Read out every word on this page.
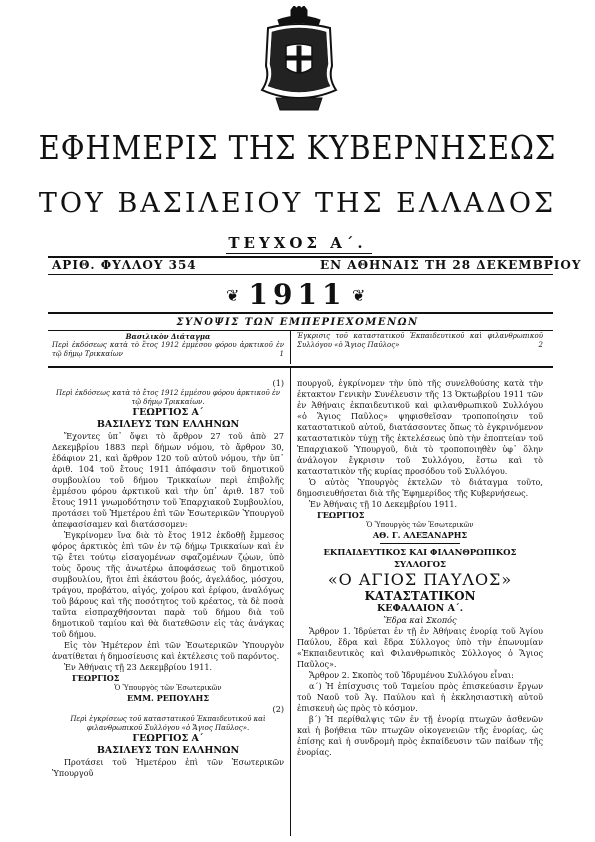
ΕΦΗΜΕΡΙΣ ΤΗΣ ΚΥΒΕΡΝΗΣΕΩΣ
ΤΟΥ ΒΑΣΙΛΕΙΟΥ ΤΗΣ ΕΛΛΑΔΟΣ
ΤΕΥΧΟΣ Α΄.
ΑΡΙΘ. ΦΥΛΛΟΥ 354	ΕΝ ΑΘΗΝΑΙΣ ΤΗ 28 ΔΕΚΕΜΒΡΙΟΥ
❦ 1911 ❦
ΣΥΝΟΨΙΣ ΤΩΝ ΕΜΠΕΡΙΕΧΟΜΕΝΩΝ
Βασιλικὸν Διάταγμα
Περὶ ἐκδόσεως κατὰ τὸ ἔτος 1912 ἐμμέσου φόρου ἀρκτικοῦ ἐν τῷ δήμῳ Τρικκαίων	1
Ἐγκρισις τοῦ καταστατικοῦ Ἐκπαιδευτικοῦ καὶ φιλανθρωπικοῦ Συλλόγου «ὁ Ἅγιος Παῦλος»	2

(1)

Περὶ ἐκδόσεως κατὰ τὸ ἔτος 1912 ἐμμέσου φόρου ἀρκτικοῦ ἐν τῷ δήμῳ Τρικκαίων.

ΓΕΩΡΓΙΟΣ Α΄
ΒΑΣΙΛΕΥΣ ΤΩΝ ΕΛΛΗΝΩΝ

Ἔχοντες ὑπ᾿ ὄψει τὸ ἄρθρον 27 τοῦ ἀπὸ 27 Δεκεμβρίου 1883 περὶ δήμων νόμου, τὸ ἄρθρον 30, ἐδάφιον 21, καὶ ἄρθρον 120 τοῦ αὐτοῦ νόμου, τὴν ὑπ᾿ ἀριθ. 104 τοῦ ἔτους 1911 ἀπόφασιν τοῦ δημοτικοῦ συμβουλίου τοῦ δήμου Τρικκαίων περὶ ἐπιβολῆς ἐμμέσου φόρου ἀρκτικοῦ καὶ τὴν ὑπ᾿ ἀριθ. 187 τοῦ ἔτους 1911 γνωμοδότησιν τοῦ Ἐπαρχιακοῦ Συμβουλίου, προτάσει τοῦ Ἡμετέρου ἐπὶ τῶν Ἐσωτερικῶν Ὑπουργοῦ ἀπεφασίσαμεν καὶ διατάσσομεν:

Ἐγκρίνομεν ἵνα διὰ τὸ ἔτος 1912 ἐκδοθῇ ἔμμεσος φόρος ἀρκτικὸς ἐπὶ τῶν ἐν τῷ δήμῳ Τρικκαίων καὶ ἐν τῷ ἔτει τούτῳ εἰσαγομένων σφαζομένων ζῴων, ὑπὸ τοὺς ὅρους τῆς ἀνωτέρω ἀποφάσεως τοῦ δημοτικοῦ συμβουλίου, ἤτοι ἐπὶ ἑκάστου βοός, ἀγελάδος, μόσχου, τράγου, προβάτου, αἰγός, χοίρου καὶ ἐρίφου, ἀναλόγως τοῦ βάρους καὶ τῆς ποσότητος τοῦ κρέατος, τὰ δὲ ποσὰ ταῦτα εἰσπραχθήσονται παρὰ τοῦ δήμου διὰ τοῦ δημοτικοῦ ταμίου καὶ θὰ διατεθῶσιν εἰς τὰς ἀνάγκας τοῦ δήμου.

Εἰς τὸν Ἡμέτερον ἐπὶ τῶν Ἐσωτερικῶν Ὑπουργὸν ἀνατίθεται ἡ δημοσίευσις καὶ ἐκτέλεσις τοῦ παρόντος.

Ἐν Ἀθήναις τῇ 23 Δεκεμβρίου 1911.

ΓΕΩΡΓΙΟΣ

Ὁ Ὑπουργὸς τῶν Ἐσωτερικῶν

ΕΜΜ. ΡΕΠΟΥΛΗΣ

(2)

Περὶ ἐγκρίσεως τοῦ καταστατικοῦ Ἐκπαιδευτικοῦ καὶ φιλανθρωπικοῦ Συλλόγου «ὁ Ἅγιος Παῦλος».

ΓΕΩΡΓΙΟΣ Α΄
ΒΑΣΙΛΕΥΣ ΤΩΝ ΕΛΛΗΝΩΝ

Προτάσει τοῦ Ἡμετέρου ἐπὶ τῶν Ἐσωτερικῶν Ὑπουργοῦ

πουργοῦ, ἐγκρίνομεν τὴν ὑπὸ τῆς συνελθούσης κατὰ τὴν ἐκτακτον Γενικὴν Συνέλευσιν τῆς 13 Ὀκτωβρίου 1911 τῶν ἐν Ἀθήναις ἐκπαιδευτικοῦ καὶ φιλανθρωπικοῦ Συλλόγου «ὁ Ἅγιος Παῦλος» ψηφισθεῖσαν τροποποίησιν τοῦ καταστατικοῦ αὐτοῦ, διατάσσοντες ὅπως τὸ ἐγκρινόμενον καταστατικὸν τύχῃ τῆς ἐκτελέσεως ὑπὸ τὴν ἐποπτείαν τοῦ Ἐπαρχιακοῦ Ὑπουργοῦ, διὰ τὸ τροποποιηθὲν ὑφ᾿ ὅλην ἀνάλογον ἔγκρισιν τοῦ Συλλόγου, ἔστω καὶ τὸ καταστατικὸν τῆς κυρίας προσόδου τοῦ Συλλόγου.

Ὁ αὐτὸς Ὑπουργὸς ἐκτελῶν τὸ διάταγμα τοῦτο, δημοσιευθήσεται διὰ τῆς Ἐφημερίδος τῆς Κυβερνήσεως.

Ἐν Ἀθήναις τῇ 10 Δεκεμβρίου 1911.

ΓΕΩΡΓΙΟΣ

Ὁ Ὑπουργὸς τῶν Ἐσωτερικῶν

ΑΘ. Γ. ΑΛΕΞΑΝΔΡΗΣ

ΕΚΠΑΙΔΕΥΤΙΚΟΣ ΚΑΙ ΦΙΛΑΝΘΡΩΠΙΚΟΣ ΣΥΛΛΟΓΟΣ
«Ο ΑΓΙΟΣ ΠΑΥΛΟΣ»
ΚΑΤΑΣΤΑΤΙΚΟΝ
ΚΕΦΑΛΑΙΟΝ Α΄.

Ἕδρα καὶ Σκοπός

Ἄρθρον 1. Ἱδρύεται ἐν τῇ ἐν Ἀθήναις ἐνορίᾳ τοῦ Ἁγίου Παύλου, ἕδρα καὶ ἔδρα Σύλλογος ὑπὸ τὴν ἐπωνυμίαν «Ἐκπαιδευτικὸς καὶ Φιλανθρωπικὸς Σύλλογος ὁ Ἅγιος Παῦλος».

Ἄρθρον 2. Σκοπὸς τοῦ Ἱδρυμένου Συλλόγου εἶναι:

α΄) Ἡ ἐπίσχυσις τοῦ Ταμείου πρὸς ἐπισκεύασιν ἔργων τοῦ Ναοῦ τοῦ Ἁγ. Παύλου καὶ ἡ ἐκκλησιαστικὴ αὐτοῦ ἐπισκευὴ ὡς πρὸς τὸ κόσμον.

β΄) Ἡ περίθαλψις τῶν ἐν τῇ ἐνορίᾳ πτωχῶν ἀσθενῶν καὶ ἡ βοήθεια τῶν πτωχῶν οἰκογενειῶν τῆς ἐνορίας, ὡς ἐπίσης καὶ ἡ συνδρομὴ πρὸς ἐκπαίδευσιν τῶν παίδων τῆς ἐνορίας.
